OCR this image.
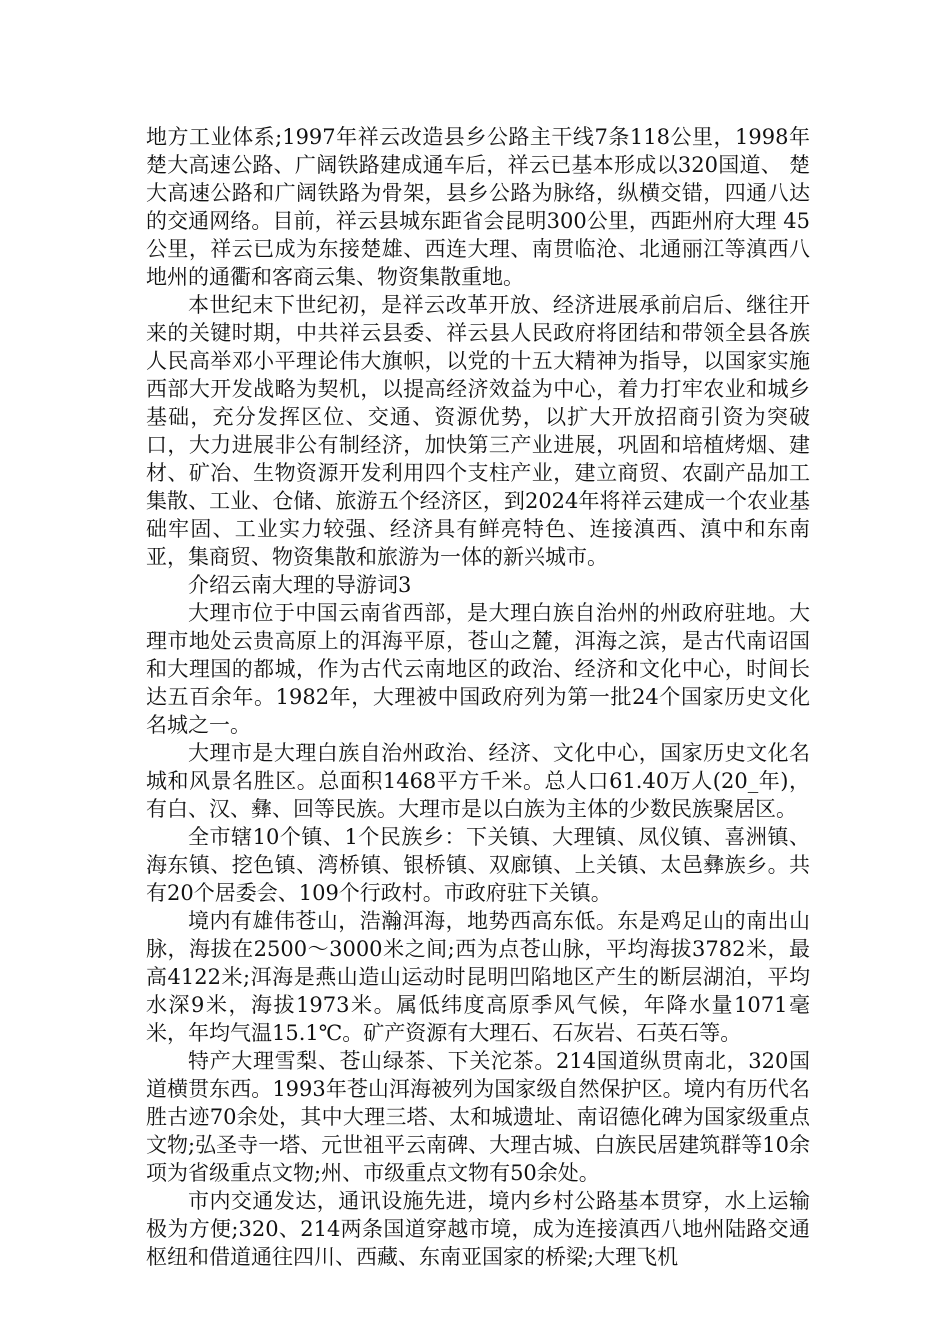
地方工业体系;1997年祥云改造县乡公路主干线7条118公里，1998年楚大高速公路、广阔铁路建成通车后，祥云已基本形成以320国道、 楚大高速公路和广阔铁路为骨架，县乡公路为脉络，纵横交错，四通八达的交通网络。目前，祥云县城东距省会昆明300公里，西距州府大理 45公里，祥云已成为东接楚雄、西连大理、南贯临沧、北通丽江等滇西八地州的通衢和客商云集、物资集散重地。

本世纪末下世纪初，是祥云改革开放、经济进展承前启后、继往开来的关键时期，中共祥云县委、祥云县人民政府将团结和带领全县各族人民高举邓小平理论伟大旗帜，以党的十五大精神为指导，以国家实施西部大开发战略为契机，以提高经济效益为中心，着力打牢农业和城乡基础，充分发挥区位、交通、资源优势，以扩大开放招商引资为突破口，大力进展非公有制经济，加快第三产业进展，巩固和培植烤烟、建材、矿冶、生物资源开发利用四个支柱产业，建立商贸、农副产品加工集散、工业、仓储、旅游五个经济区，到2024年将祥云建成一个农业基础牢固、工业实力较强、经济具有鲜亮特色、连接滇西、滇中和东南亚，集商贸、物资集散和旅游为一体的新兴城市。

介绍云南大理的导游词3

大理市位于中国云南省西部，是大理白族自治州的州政府驻地。大理市地处云贵高原上的洱海平原，苍山之麓，洱海之滨，是古代南诏国和大理国的都城，作为古代云南地区的政治、经济和文化中心，时间长达五百余年。1982年，大理被中国政府列为第一批24个国家历史文化名城之一。

大理市是大理白族自治州政治、经济、文化中心，国家历史文化名城和风景名胜区。总面积1468平方千米。总人口61.40万人(20_年)，有白、汉、彝、回等民族。大理市是以白族为主体的少数民族聚居区。

全市辖10个镇、1个民族乡：下关镇、大理镇、凤仪镇、喜洲镇、海东镇、挖色镇、湾桥镇、银桥镇、双廊镇、上关镇、太邑彝族乡。共有20个居委会、109个行政村。市政府驻下关镇。

境内有雄伟苍山，浩瀚洱海，地势西高东低。东是鸡足山的南出山脉，海拔在2500～3000米之间;西为点苍山脉，平均海拔3782米，最高4122米;洱海是燕山造山运动时昆明凹陷地区产生的断层湖泊，平均水深9米，海拔1973米。属低纬度高原季风气候，年降水量1071毫米，年均气温15.1℃。矿产资源有大理石、石灰岩、石英石等。

特产大理雪梨、苍山绿茶、下关沱茶。214国道纵贯南北，320国道横贯东西。1993年苍山洱海被列为国家级自然保护区。境内有历代名胜古迹70余处，其中大理三塔、太和城遗址、南诏德化碑为国家级重点文物;弘圣寺一塔、元世祖平云南碑、大理古城、白族民居建筑群等10余项为省级重点文物;州、市级重点文物有50余处。

市内交通发达，通讯设施先进，境内乡村公路基本贯穿，水上运输极为方便;320、214两条国道穿越市境，成为连接滇西八地州陆路交通枢纽和借道通往四川、西藏、东南亚国家的桥梁;大理飞机
